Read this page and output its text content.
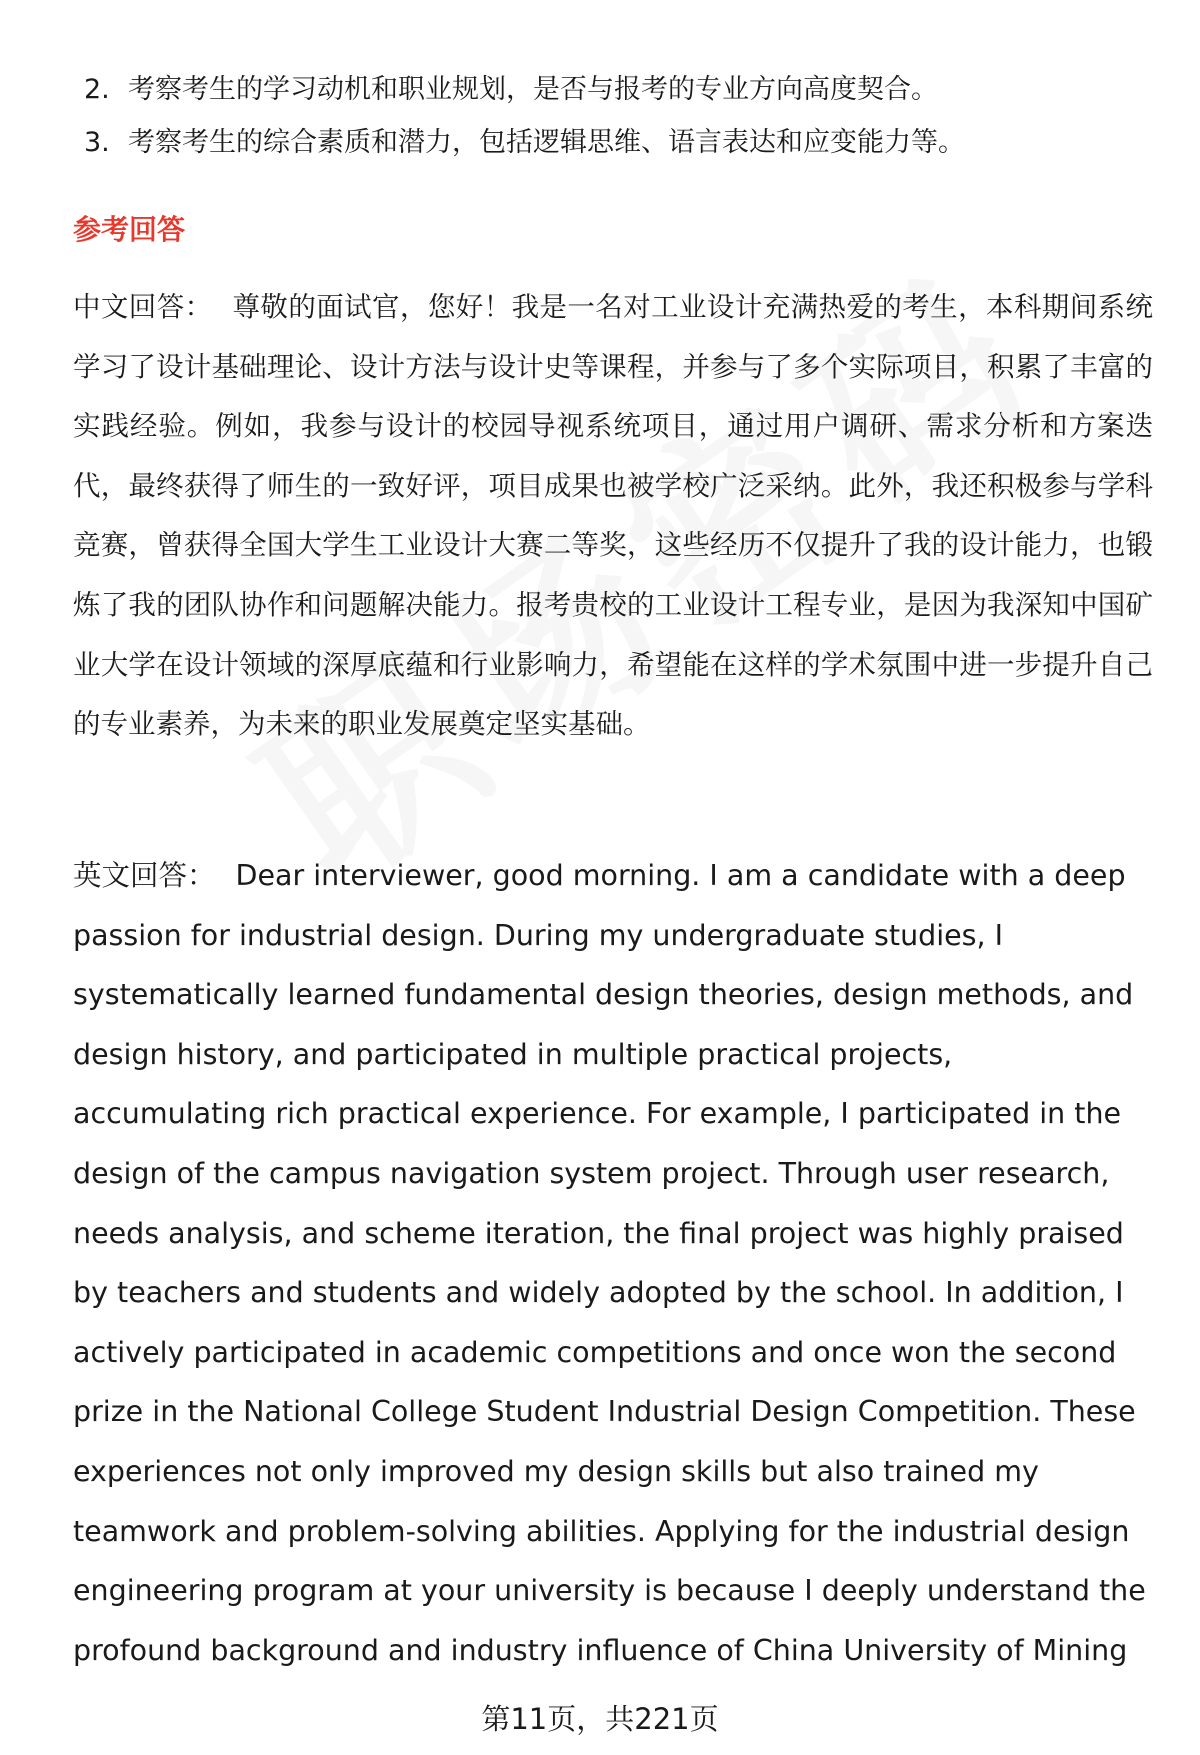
2. 考察考生的学习动机和职业规划，是否与报考的专业方向高度契合。
3. 考察考生的综合素质和潜力，包括逻辑思维、语言表达和应变能力等。
参考回答
中文回答： 尊敬的面试官，您好！我是一名对工业设计充满热爱的考生，本科期间系统学习了设计基础理论、设计方法与设计史等课程，并参与了多个实际项目，积累了丰富的实践经验。例如，我参与设计的校园导视系统项目，通过用户调研、需求分析和方案迭代，最终获得了师生的一致好评，项目成果也被学校广泛采纳。此外，我还积极参与学科竞赛，曾获得全国大学生工业设计大赛二等奖，这些经历不仅提升了我的设计能力，也锻炼了我的团队协作和问题解决能力。报考贵校的工业设计工程专业，是因为我深知中国矿业大学在设计领域的深厚底蕴和行业影响力，希望能在这样的学术氛围中进一步提升自己的专业素养，为未来的职业发展奠定坚实基础。
英文回答： Dear interviewer, good morning. I am a candidate with a deep passion for industrial design. During my undergraduate studies, I systematically learned fundamental design theories, design methods, and design history, and participated in multiple practical projects, accumulating rich practical experience. For example, I participated in the design of the campus navigation system project. Through user research, needs analysis, and scheme iteration, the final project was highly praised by teachers and students and widely adopted by the school. In addition, I actively participated in academic competitions and once won the second prize in the National College Student Industrial Design Competition. These experiences not only improved my design skills but also trained my teamwork and problem-solving abilities. Applying for the industrial design engineering program at your university is because I deeply understand the profound background and industry influence of China University of Mining
第11页，共221页
